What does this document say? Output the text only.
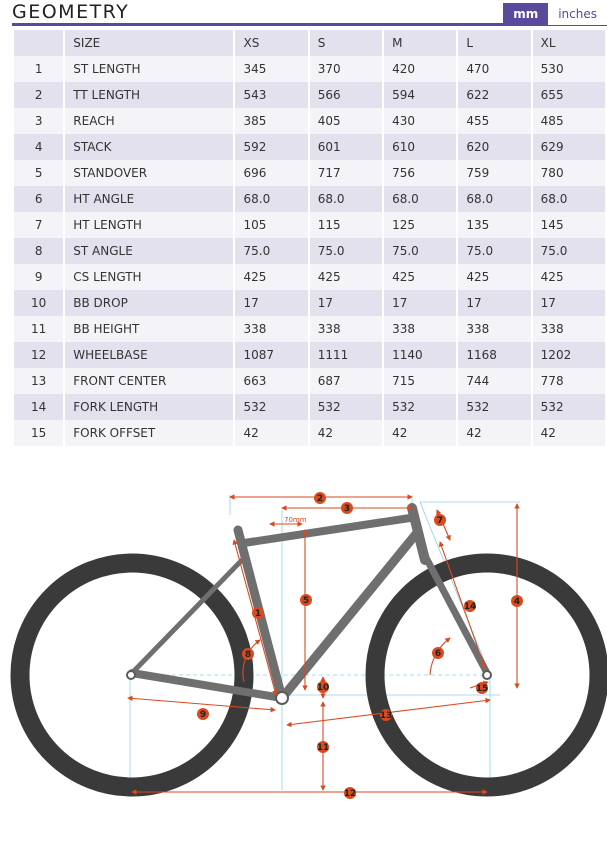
GEOMETRY	mm	inches
	SIZE	XS	S	M	L	XL
1	ST LENGTH	345	370	420	470	530
2	TT LENGTH	543	566	594	622	655
3	REACH	385	405	430	455	485
4	STACK	592	601	610	620	629
5	STANDOVER	696	717	756	759	780
6	HT ANGLE	68.0	68.0	68.0	68.0	68.0
7	HT LENGTH	105	115	125	135	145
8	ST ANGLE	75.0	75.0	75.0	75.0	75.0
9	CS LENGTH	425	425	425	425	425
10	BB DROP	17	17	17	17	17
11	BB HEIGHT	338	338	338	338	338
12	WHEELBASE	1087	1111	1140	1168	1202
13	FRONT CENTER	663	687	715	744	778
14	FORK LENGTH	532	532	532	532	532
15	FORK OFFSET	42	42	42	42	42
70mm
1
2
3
4
5
6
7
8
9
10
11
12
13
14
15
